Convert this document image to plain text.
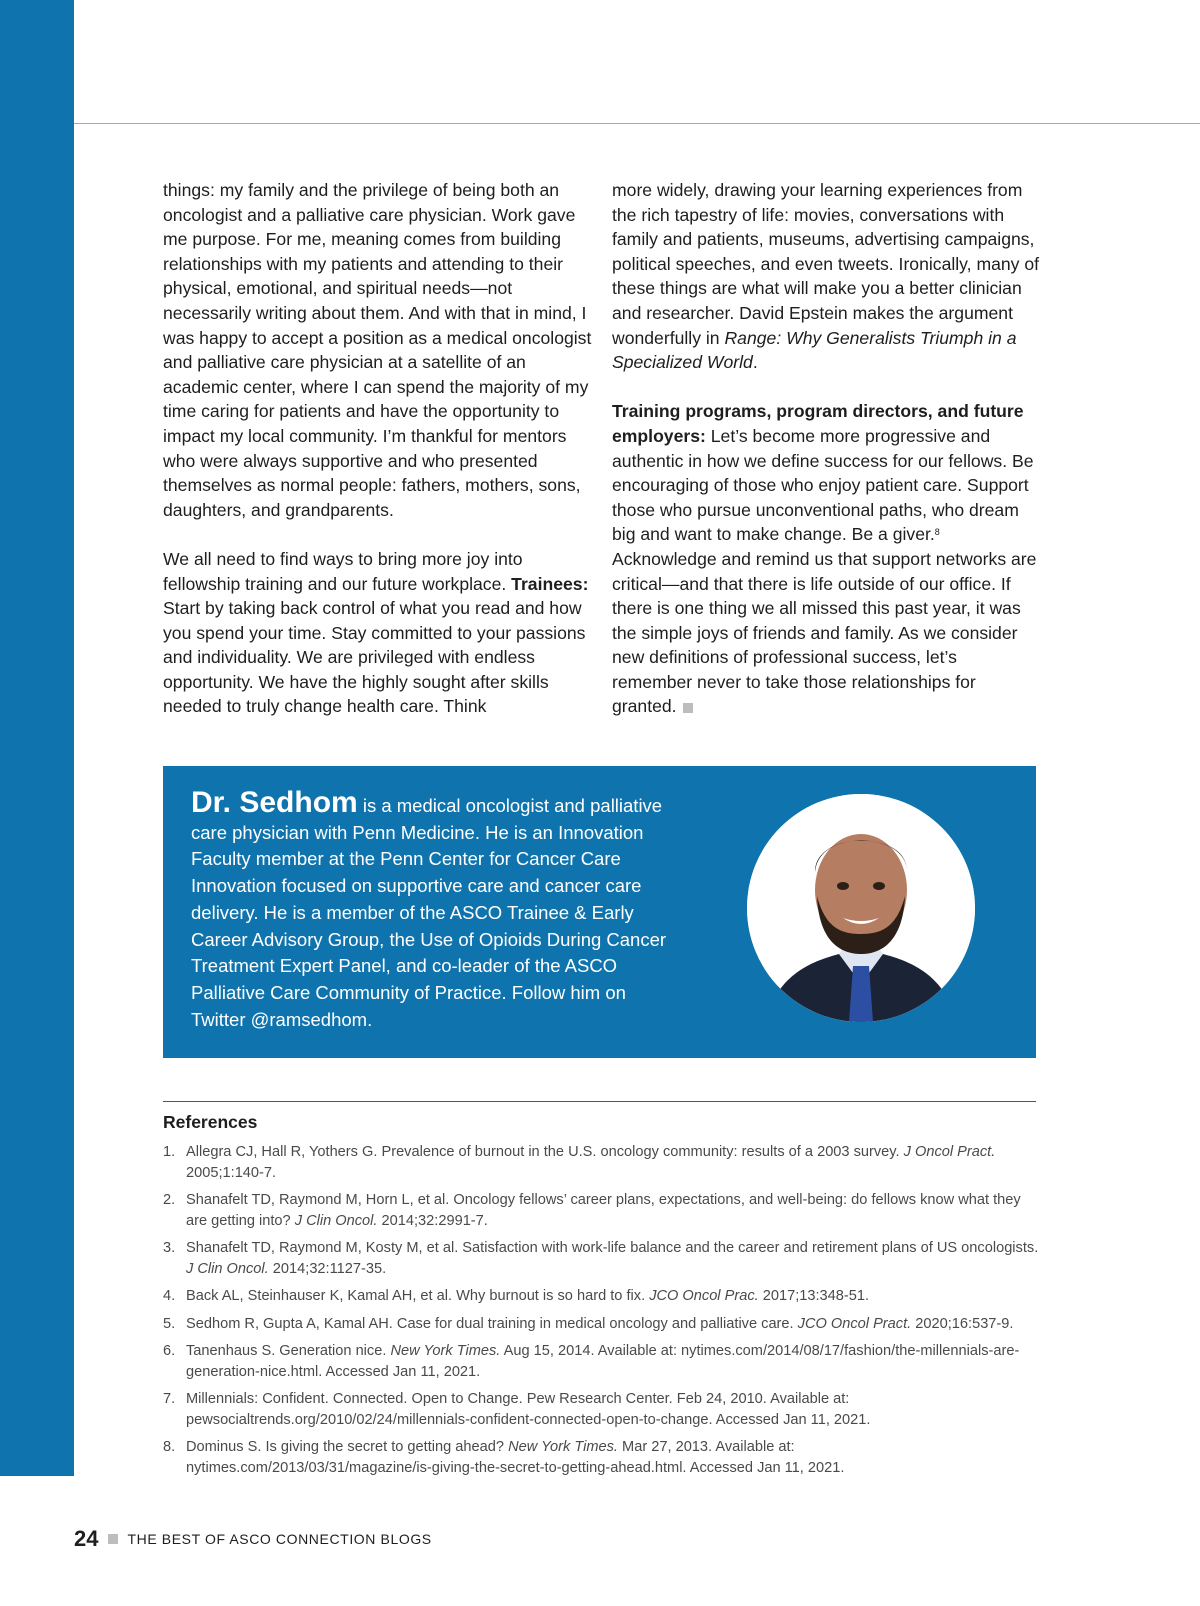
things: my family and the privilege of being both an oncologist and a palliative care physician. Work gave me purpose. For me, meaning comes from building relationships with my patients and attending to their physical, emotional, and spiritual needs—not necessarily writing about them. And with that in mind, I was happy to accept a position as a medical oncologist and palliative care physician at a satellite of an academic center, where I can spend the majority of my time caring for patients and have the opportunity to impact my local community. I’m thankful for mentors who were always supportive and who presented themselves as normal people: fathers, mothers, sons, daughters, and grandparents.

We all need to find ways to bring more joy into fellowship training and our future workplace. Trainees: Start by taking back control of what you read and how you spend your time. Stay committed to your passions and individuality. We are privileged with endless opportunity. We have the highly sought after skills needed to truly change health care. Think

more widely, drawing your learning experiences from the rich tapestry of life: movies, conversations with family and patients, museums, advertising campaigns, political speeches, and even tweets. Ironically, many of these things are what will make you a better clinician and researcher. David Epstein makes the argument wonderfully in Range: Why Generalists Triumph in a Specialized World.

Training programs, program directors, and future employers: Let’s become more progressive and authentic in how we define success for our fellows. Be encouraging of those who enjoy patient care. Support those who pursue unconventional paths, who dream big and want to make change. Be a giver.$^8$ Acknowledge and remind us that support networks are critical—and that there is life outside of our office. If there is one thing we all missed this past year, it was the simple joys of friends and family. As we consider new definitions of professional success, let’s remember never to take those relationships for granted.

Dr. Sedhom is a medical oncologist and palliative care physician with Penn Medicine. He is an Innovation Faculty member at the Penn Center for Cancer Care Innovation focused on supportive care and cancer care delivery. He is a member of the ASCO Trainee & Early Career Advisory Group, the Use of Opioids During Cancer Treatment Expert Panel, and co-leader of the ASCO Palliative Care Community of Practice. Follow him on Twitter @ramsedhom.
References
1. Allegra CJ, Hall R, Yothers G. Prevalence of burnout in the U.S. oncology community: results of a 2003 survey. J Oncol Pract. 2005;1:140-7.
2. Shanafelt TD, Raymond M, Horn L, et al. Oncology fellows’ career plans, expectations, and well-being: do fellows know what they are getting into? J Clin Oncol. 2014;32:2991-7.
3. Shanafelt TD, Raymond M, Kosty M, et al. Satisfaction with work-life balance and the career and retirement plans of US oncologists. J Clin Oncol. 2014;32:1127-35.
4. Back AL, Steinhauser K, Kamal AH, et al. Why burnout is so hard to fix. JCO Oncol Prac. 2017;13:348-51.
5. Sedhom R, Gupta A, Kamal AH. Case for dual training in medical oncology and palliative care. JCO Oncol Pract. 2020;16:537-9.
6. Tanenhaus S. Generation nice. New York Times. Aug 15, 2014. Available at: nytimes.com/2014/08/17/fashion/the-millennials-are-generation-nice.html. Accessed Jan 11, 2021.
7. Millennials: Confident. Connected. Open to Change. Pew Research Center. Feb 24, 2010. Available at: pewsocialtrends.org/2010/02/24/millennials-confident-connected-open-to-change. Accessed Jan 11, 2021.
8. Dominus S. Is giving the secret to getting ahead? New York Times. Mar 27, 2013. Available at: nytimes.com/2013/03/31/magazine/is-giving-the-secret-to-getting-ahead.html. Accessed Jan 11, 2021.
24 THE BEST OF ASCO CONNECTION BLOGS
